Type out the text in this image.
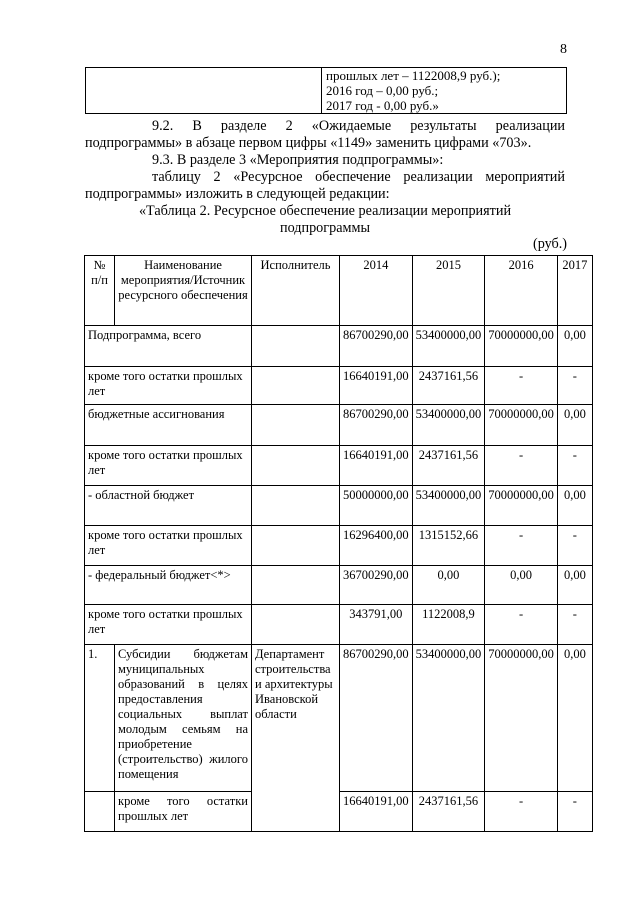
8

прошлых лет – 1122008,9 руб.);
2016 год – 0,00 руб.;
2017 год - 0,00 руб.»
9.2. В разделе 2 «Ожидаемые результаты реализации
подпрограммы» в абзаце первом цифры «1149» заменить цифрами «703».
9.3. В разделе 3 «Мероприятия подпрограммы»:
таблицу 2 «Ресурсное обеспечение реализации мероприятий
подпрограммы» изложить в следующей редакции:
«Таблица 2. Ресурсное обеспечение реализации мероприятий
подпрограммы
(руб.)
№ п/п	Наименование мероприятия/Источник ресурсного обеспечения	Исполнитель	2014	2015	2016	2017
Подпрограмма, всего			86700290,00	53400000,00	70000000,00	0,00
кроме того остатки прошлых лет			16640191,00	2437161,56	-	-
бюджетные ассигнования			86700290,00	53400000,00	70000000,00	0,00
кроме того остатки прошлых лет			16640191,00	2437161,56	-	-
- областной бюджет			50000000,00	53400000,00	70000000,00	0,00
кроме того остатки прошлых лет			16296400,00	1315152,66	-	-
- федеральный бюджет<*>			36700290,00	0,00	0,00	0,00
кроме того остатки прошлых лет			343791,00	1122008,9	-	-
1.	Субсидии бюджетам муниципальных образований в целях предоставления социальных выплат молодым семьям на приобретение (строительство) жилого помещения	Департамент строительства и архитектуры Ивановской области	86700290,00	53400000,00	70000000,00	0,00
	кроме того остатки прошлых лет		16640191,00	2437161,56	-	-
